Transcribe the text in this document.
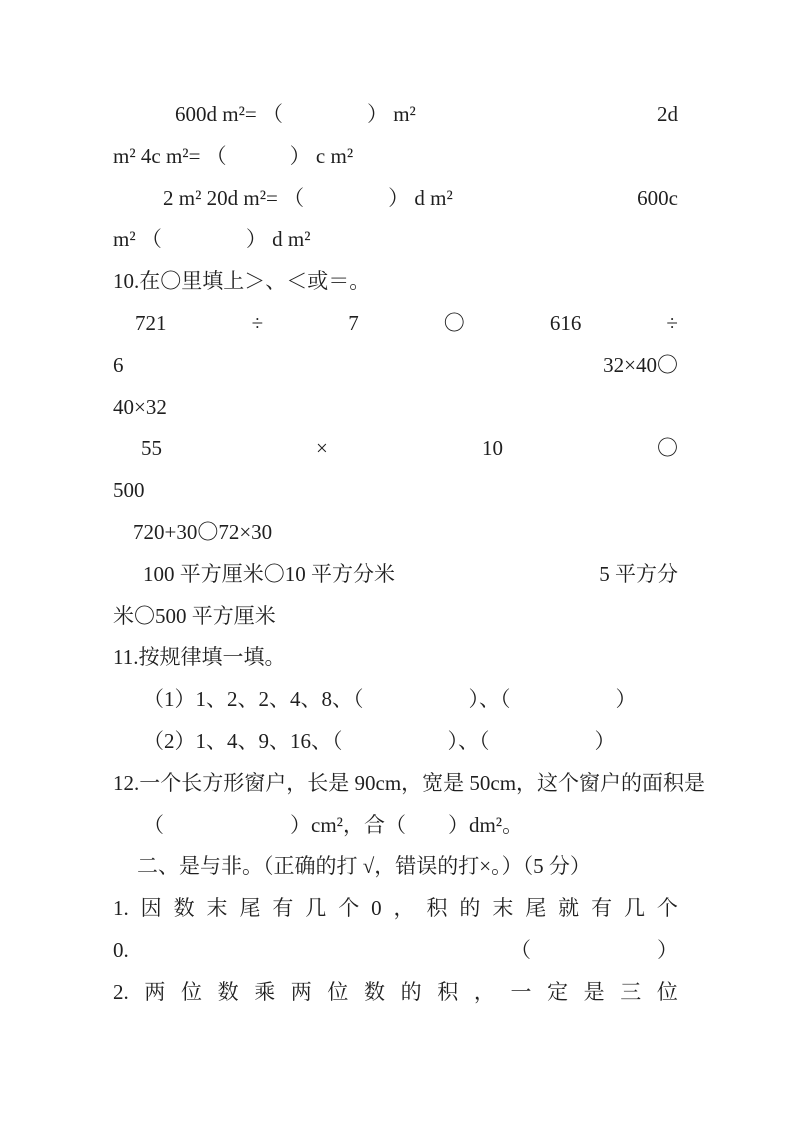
600d m²= （　　　　） m²	2d
m² 4c m²= （　　　） c m²
2 m² 20d m²= （　　　　） d m²	600c
m² （　　　　） d m²
10.在〇里填上＞、＜或＝。
721	÷	7	〇	616	÷
6	32×40〇
40×32
55	×	10	〇
500
720+30〇72×30
100 平方厘米〇10 平方分米	5 平方分
米〇500 平方厘米
11.按规律填一填。
（1）1、2、2、4、8、（　　　　　）、（　　　　　）
（2）1、4、9、16、（　　　　　）、（　　　　　）
12.一个长方形窗户，长是 90cm，宽是 50cm，这个窗户的面积是
（　　　　　　）cm²，合（　　）dm²。
二、是与非。（正确的打 √，错误的打×。）（5 分）
1. 因 数 末 尾 有 几 个 0 ， 积 的 末 尾 就 有 几 个
0.	（　　　　　　）
2. 两 位 数 乘 两 位 数 的 积 ， 一 定 是 三 位
